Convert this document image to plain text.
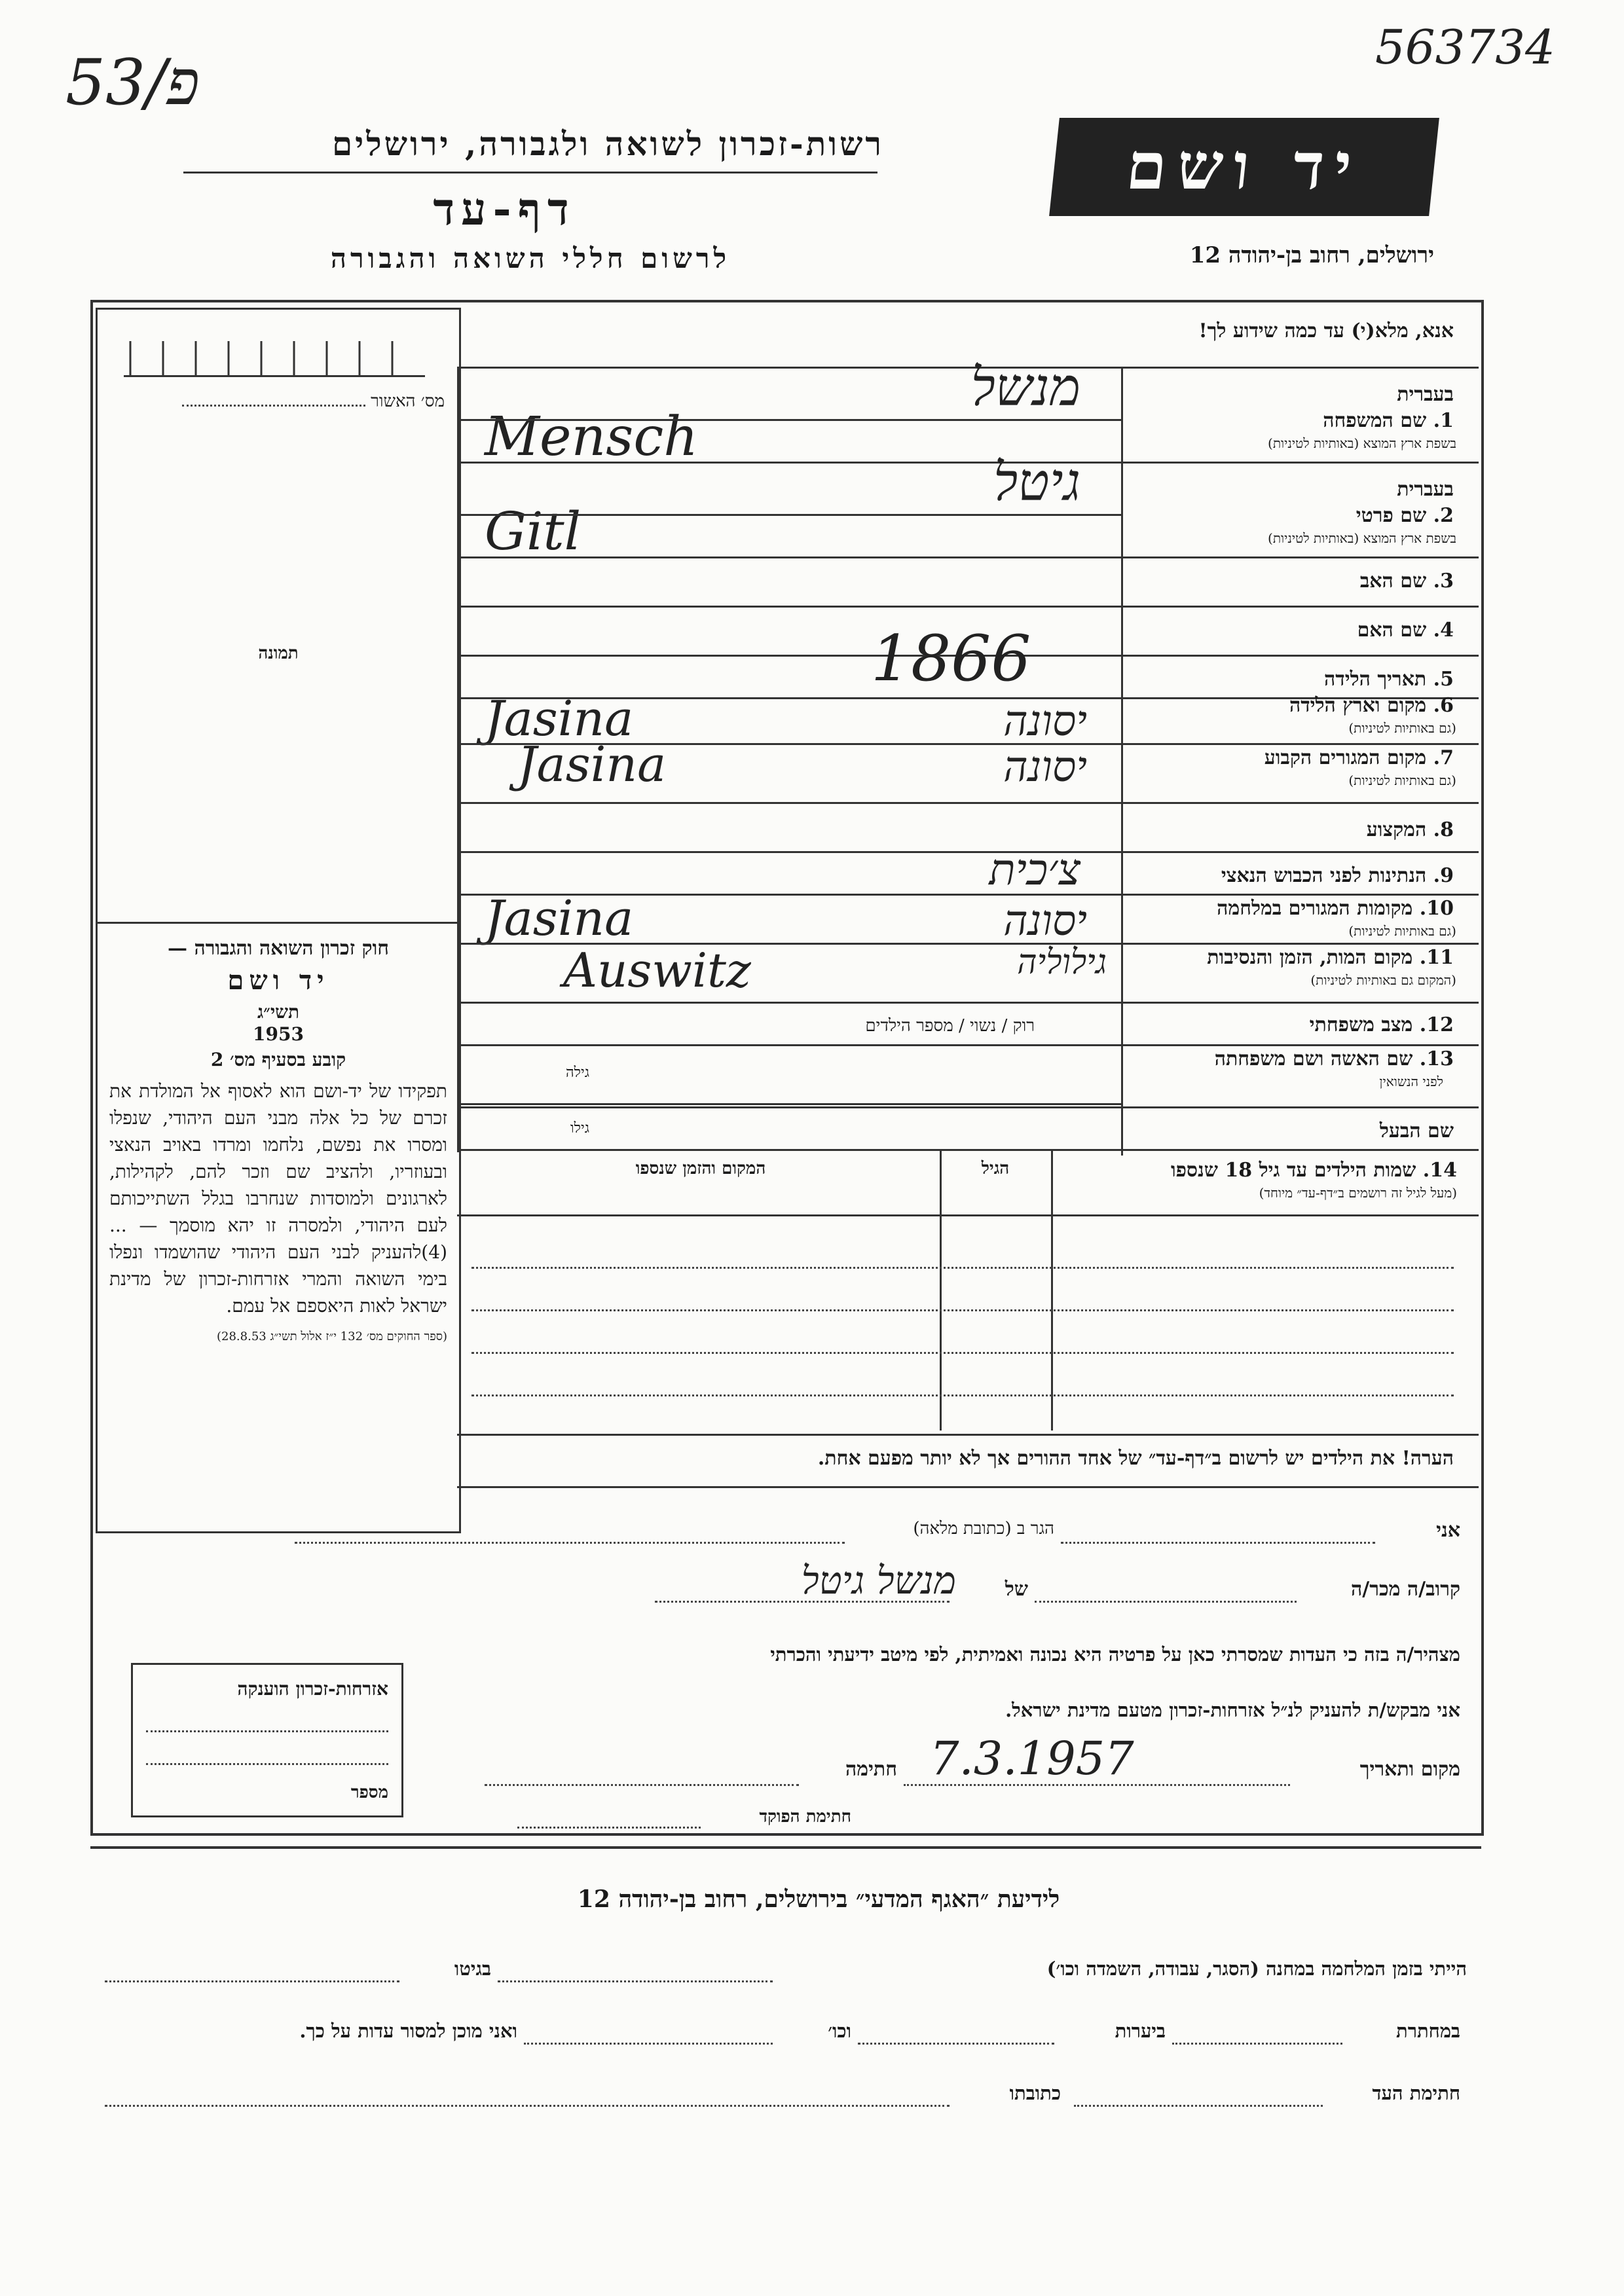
53/פ	563734
רשות-זכרון לשואה ולגבורה, ירושלים
דף-עד
לרשום חללי השואה והגבורה
יד ושם
ירושלים, רחוב בן-יהודה 12
מס׳ האשור
תמונה
חוק זכרון השואה והגבורה —
יד ושם
תשי״ג
1953
קובע בסעיף מס׳ 2
תפקידו של יד-ושם הוא לאסוף אל המולדת את זכרם של כל אלה מבני העם היהודי, שנפלו ומסרו את נפשם, נלחמו ומרדו באויב הנאצי ובעוזריו, ולהציב שם וזכר להם, לקהילות, לארגונים ולמוסדות שנחרבו בגלל השתייכותם לעם היהודי, ולמסרה זו יהא מוסמך — ...(4)להעניק לבני העם היהודי שהושמדו ונפלו בימי השואה והמרי אזרחות-זכרון של מדינת ישראל לאות היאספם אל עמם.
(ספר החוקים מס׳ 132 י״ז אלול תשי״ג 28.8.53)
אנא, מלא(י) עד כמה שידוע לך!
בעברית
1. שם המשפחה
בשפת ארץ המוצא (באותיות לטיניות)
מנשל
Mensch
בעברית
2. שם פרטי
בשפת ארץ המוצא (באותיות לטיניות)
גיטל
Gitl
3. שם האב
4. שם האם
5. תאריך הלידה
1866
6. מקום וארץ הלידה
(גם באותיות לטיניות)
יסונה
Jasina
7. מקום המגורים הקבוע
(גם באותיות לטיניות)
יסונה
Jasina
8. המקצוע
9. הנתינות לפני הכבוש הנאצי
צ׳כית
10. מקומות המגורים במלחמה
(גם באותיות לטיניות)
יסונה
Jasina
11. מקום המות, הזמן והנסיבות
(המקום גם באותיות לטיניות)
Auswitz	גילוליה
12. מצב משפחתי
רוק / נשוי / מספר הילדים
13. שם האשה ושם משפחתה
לפני הנשואין
גילה
שם הבעל
גילו
14. שמות הילדים עד גיל 18 שנספו
(מעל לגיל זה רושמים ב״דף-עד״ מיוחד)
הגיל
המקום והזמן שנספו
הערה! את הילדים יש לרשום ב״דף-עד״ של אחד ההורים אך לא יותר מפעם אחת.
אני
הגר ב (כתובת מלאה)
קרוב/ה מכר/ה
של
מנשל גיטל
מצהיר/ה בזה כי העדות שמסרתי כאן על פרטיה היא נכונה ואמיתית, לפי מיטב ידיעתי והכרתי
אני מבקש/ת להעניק לנ״ל אזרחות-זכרון מטעם מדינת ישראל.
מקום ותאריך
7.3.1957
חתימה
חתימת הפוקד
אזרחות-זכרון הוענקה
מספר
לידיעת ״האגף המדעי״ בירושלים, רחוב בן-יהודה 12
הייתי בזמן המלחמה במחנה (הסגר, עבודה, השמדה וכו׳)
בגיטו
במחתרת
ביערות
וכו׳
ואני מוכן למסור עדות על כך.
חתימת העד
כתובתו
